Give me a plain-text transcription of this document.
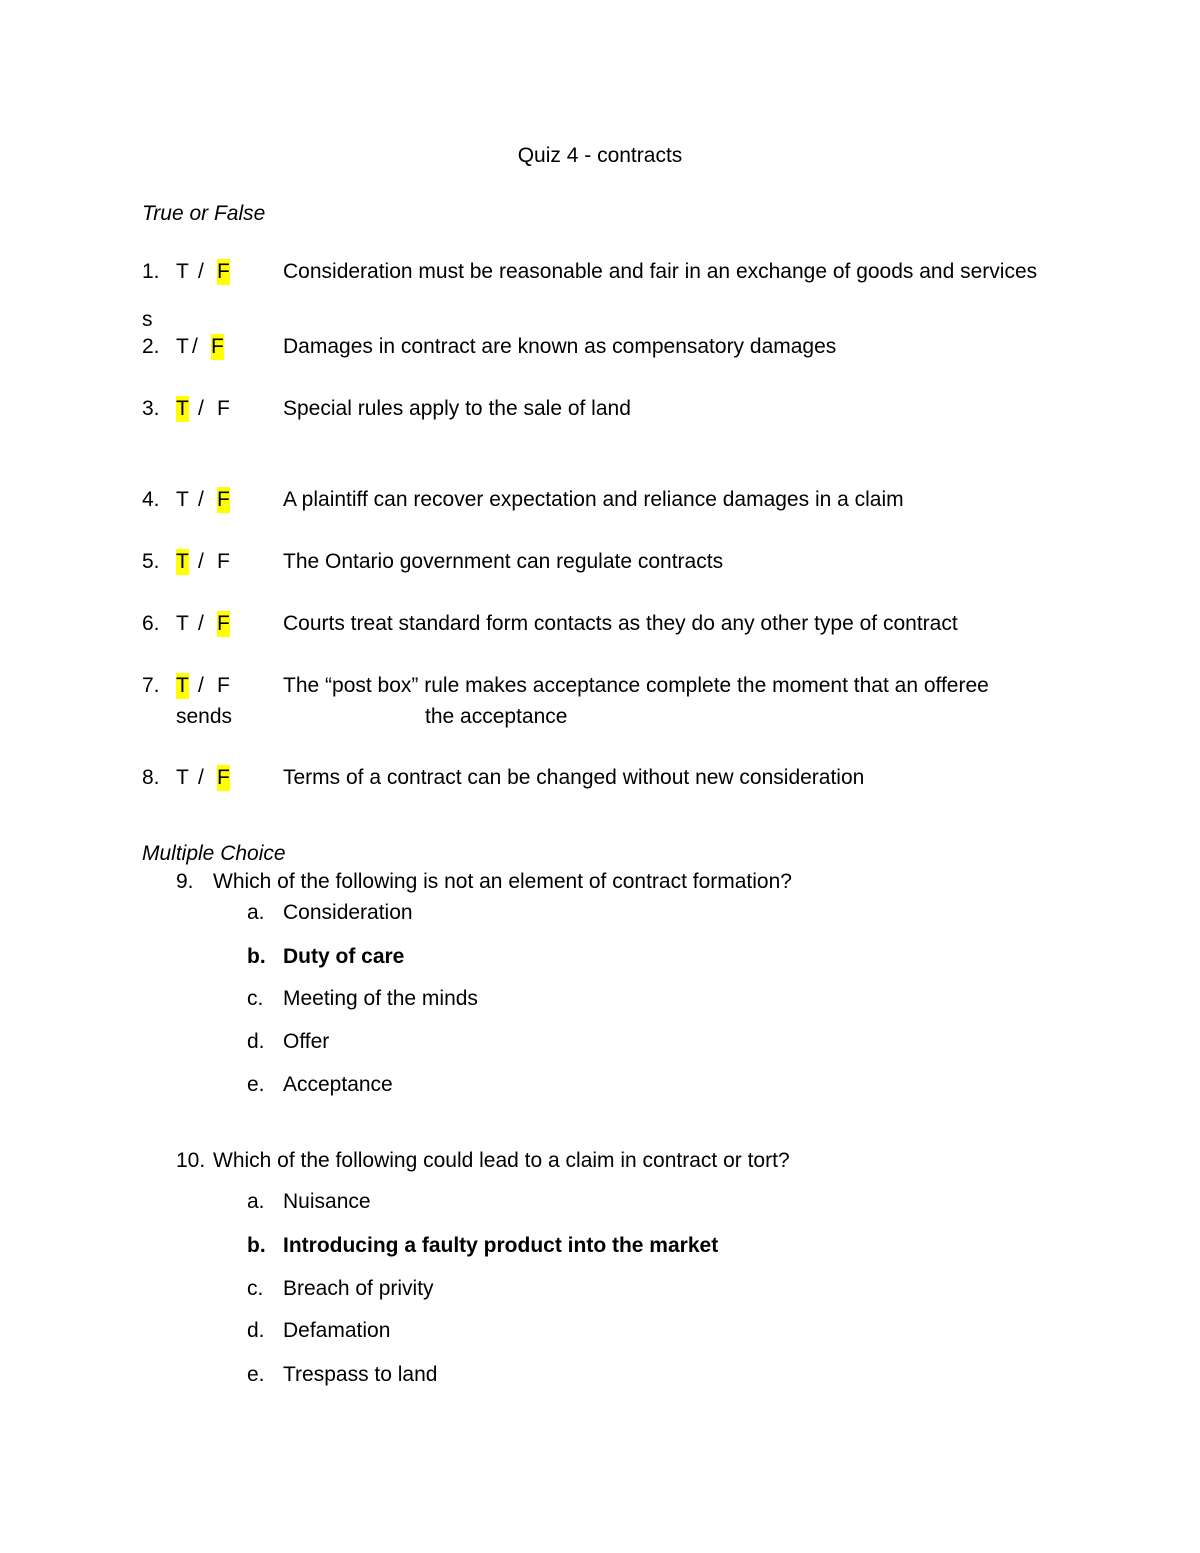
Quiz 4 - contracts
True or False
1. T / F	Consideration must be reasonable and fair in an exchange of goods and services
s
2. T / F	Damages in contract are known as compensatory damages
3. T / F	Special rules apply to the sale of land
4. T / F	A plaintiff can recover expectation and reliance damages in a claim
5. T / F	The Ontario government can regulate contracts
6. T / F	Courts treat standard form contacts as they do any other type of contract
7. T / F	The “post box” rule makes acceptance complete the moment that an offeree
sends	the acceptance
8. T / F	Terms of a contract can be changed without new consideration
Multiple Choice
9. Which of the following is not an element of contract formation?
a. Consideration
b. Duty of care
c. Meeting of the minds
d. Offer
e. Acceptance
10. Which of the following could lead to a claim in contract or tort?
a. Nuisance
b. Introducing a faulty product into the market
c. Breach of privity
d. Defamation
e. Trespass to land
